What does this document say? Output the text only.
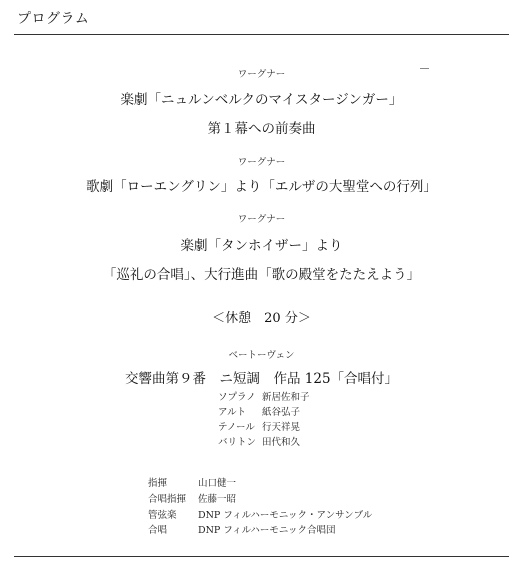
プログラム
ワーグナー
楽劇「ニュルンベルクのマイスタージンガー」
第１幕への前奏曲
ワーグナー
歌劇「ローエングリン」より「エルザの大聖堂への行列」
ワーグナー
楽劇「タンホイザー」より
「巡礼の合唱」、大行進曲「歌の殿堂をたたえよう」
＜休憩　20 分＞
ベートーヴェン
交響曲第９番　ニ短調　作品 125「合唱付」
ソプラノ 新居佐和子
アルト	紙谷弘子
テノール 行天祥晃
バリトン 田代和久
指揮	山口健一
合唱指揮	佐藤一昭
管弦楽	DNP フィルハーモニック・アンサンブル
合唱	DNP フィルハーモニック合唱団
